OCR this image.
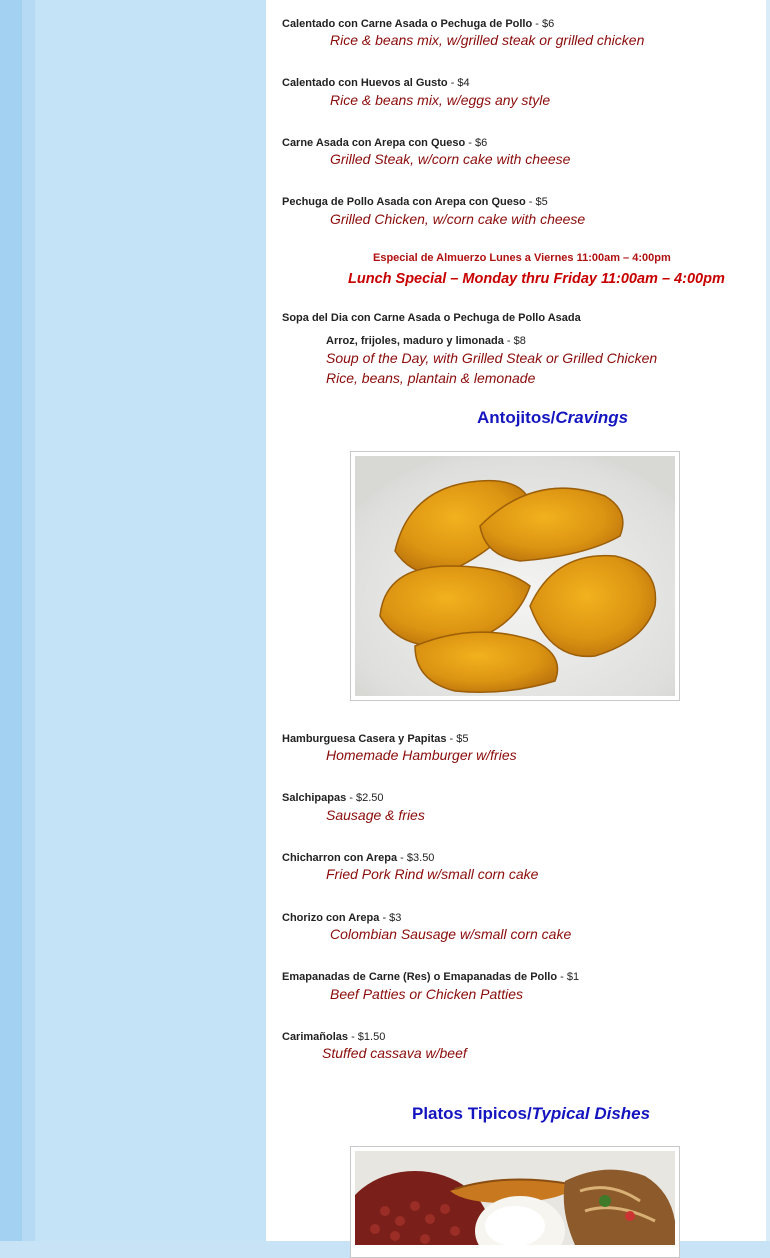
Calentado con Carne Asada o Pechuga de Pollo - $6
Rice & beans mix, w/grilled steak or grilled chicken
Calentado con Huevos al Gusto - $4
Rice & beans mix, w/eggs any style
Carne Asada con Arepa con Queso - $6
Grilled Steak, w/corn cake with cheese
Pechuga de Pollo Asada con Arepa con Queso - $5
Grilled Chicken, w/corn cake with cheese
Especial de Almuerzo Lunes a Viernes 11:00am – 4:00pm
Lunch Special – Monday thru Friday 11:00am – 4:00pm
Sopa del Dia con Carne Asada o Pechuga de Pollo Asada
Arroz, frijoles, maduro y limonada - $8
Soup of the Day, with Grilled Steak or Grilled Chicken
Rice, beans, plantain & lemonade
Antojitos/Cravings
Hamburguesa Casera y Papitas - $5
Homemade Hamburger w/fries
Salchipapas - $2.50
Sausage & fries
Chicharron con Arepa - $3.50
Fried Pork Rind w/small corn cake
Chorizo con Arepa - $3
Colombian Sausage w/small corn cake
Emapanadas de Carne (Res) o Emapanadas de Pollo - $1
Beef Patties or Chicken Patties
Carimañolas - $1.50
Stuffed cassava w/beef
Platos Tipicos/Typical Dishes
